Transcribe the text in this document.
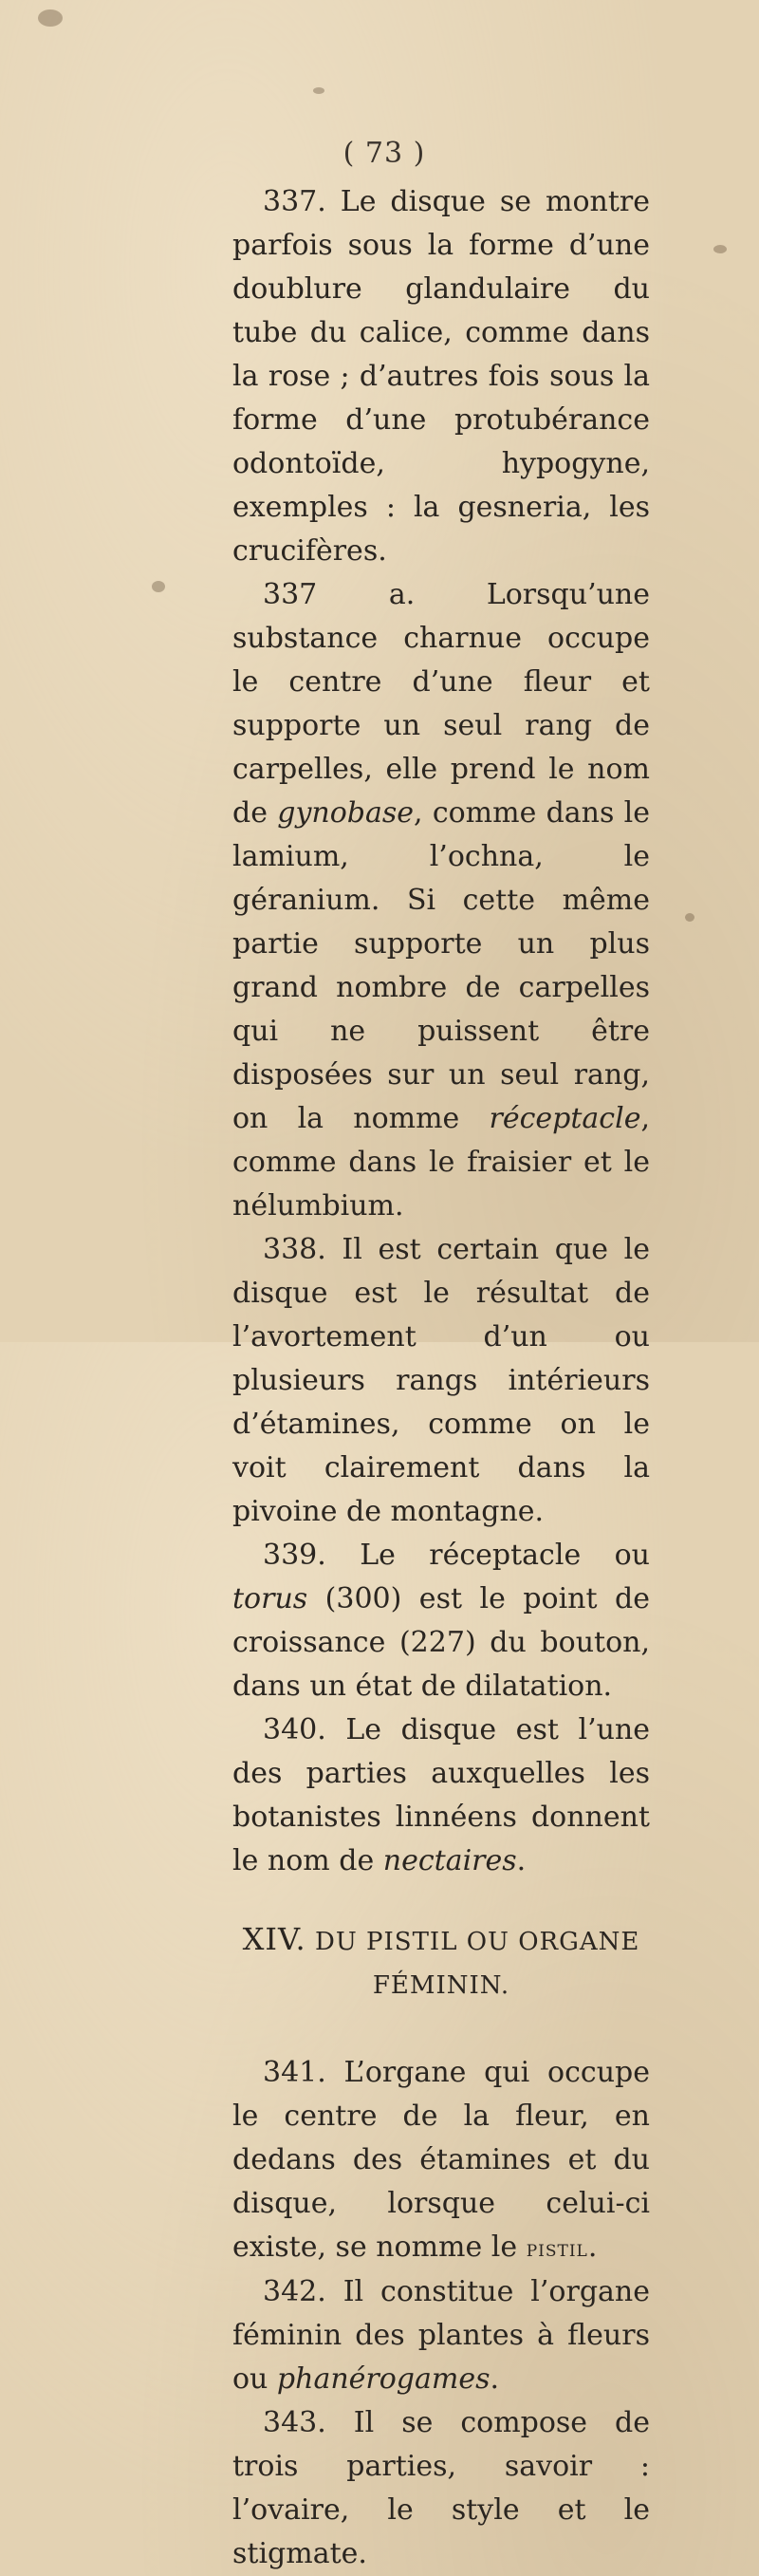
( 73 )

337. Le disque se montre parfois sous la forme d’une doublure glandulaire du tube du calice, comme dans la rose ; d’autres fois sous la forme d’une protubérance odontoïde, hypogyne, exemples : la gesneria, les crucifères.

337 a. Lorsqu’une substance charnue occupe le centre d’une fleur et supporte un seul rang de carpelles, elle prend le nom de gynobase, comme dans le lamium, l’ochna, le géranium. Si cette même partie supporte un plus grand nombre de carpelles qui ne puissent être disposées sur un seul rang, on la nomme réceptacle, comme dans le fraisier et le nélumbium.

338. Il est certain que le disque est le résultat de l’avortement d’un ou plusieurs rangs intérieurs d’étamines, comme on le voit clairement dans la pivoine de montagne.

339. Le réceptacle ou torus (300) est le point de croissance (227) du bouton, dans un état de dilatation.

340. Le disque est l’une des parties auxquelles les botanistes linnéens donnent le nom de nectaires.

XIV. DU PISTIL OU ORGANE FÉMININ.

341. L’organe qui occupe le centre de la fleur, en dedans des étamines et du disque, lorsque celui-ci existe, se nomme le pistil.

342. Il constitue l’organe féminin des plantes à fleurs ou phanérogames.

343. Il se compose de trois parties, savoir : l’ovaire, le style et le stigmate.
